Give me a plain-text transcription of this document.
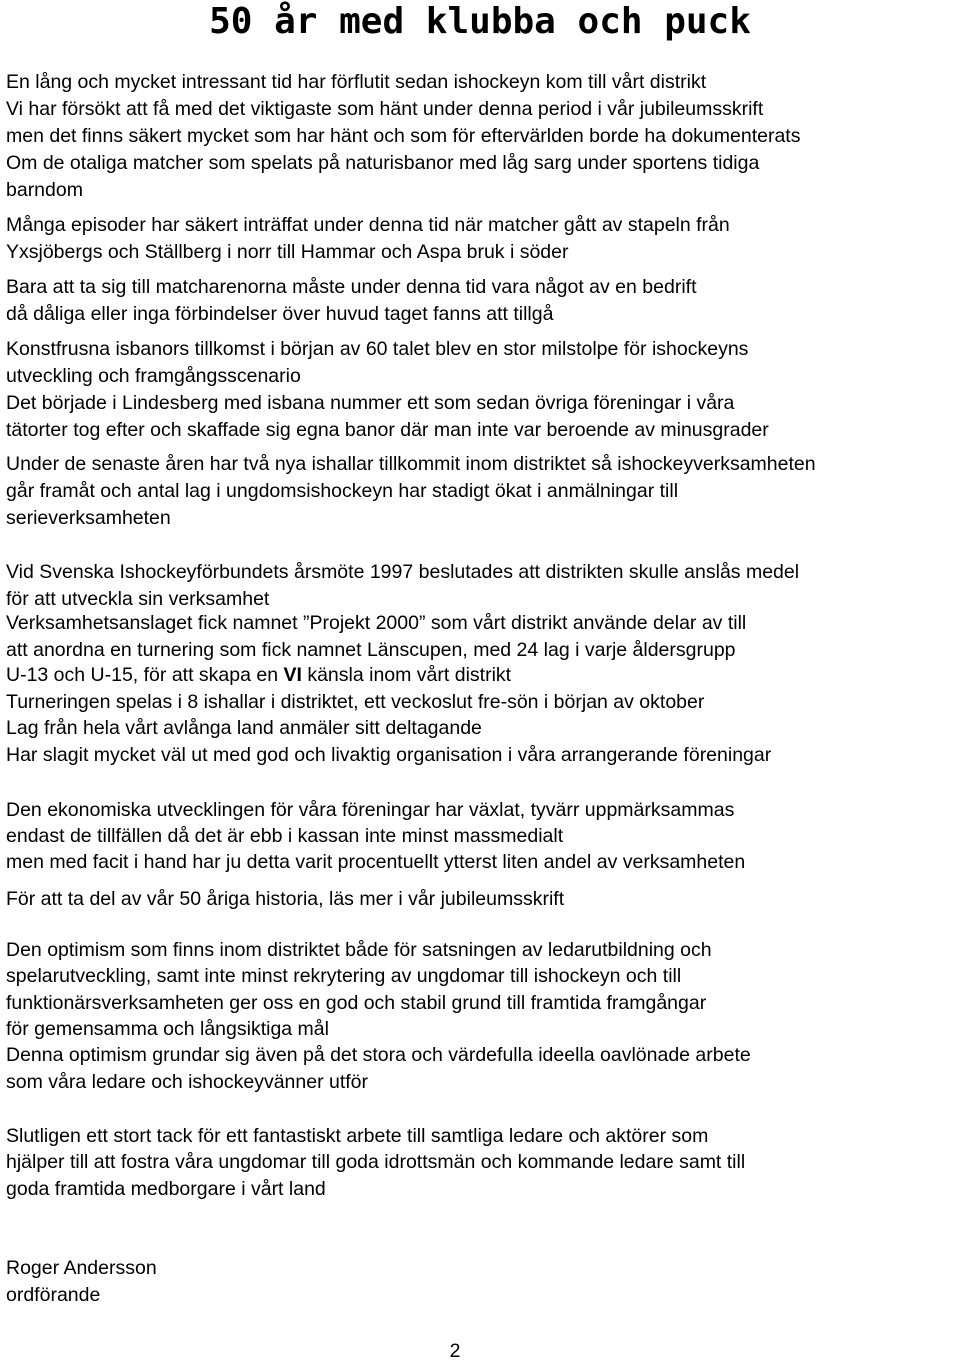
50 år med klubba och puck
En lång och mycket intressant tid har förflutit sedan ishockeyn kom till vårt distrikt
Vi har försökt att få med det viktigaste som hänt under denna period i vår jubileumsskrift
men det finns säkert mycket som har hänt och som för eftervärlden borde ha dokumenterats
Om de otaliga matcher som spelats på naturisbanor med låg sarg under sportens tidiga
barndom
Många episoder har säkert inträffat under denna tid när matcher gått av stapeln från
Yxsjöbergs och Ställberg i norr till Hammar och Aspa bruk i söder
Bara att ta sig till matcharenorna måste under denna tid vara något av en bedrift
då dåliga eller inga förbindelser över huvud taget fanns att tillgå
Konstfrusna isbanors tillkomst i början av 60 talet blev en stor milstolpe för ishockeyns
utveckling och framgångsscenario
Det började i Lindesberg med isbana nummer ett som sedan övriga föreningar i våra
tätorter tog efter och skaffade sig egna banor där man inte var beroende av minusgrader
Under de senaste åren har två nya ishallar tillkommit inom distriktet så ishockeyverksamheten
går framåt och antal lag i ungdomsishockeyn har stadigt ökat i anmälningar till
serieverksamheten
Vid Svenska Ishockeyförbundets årsmöte 1997 beslutades att distrikten skulle anslås medel
för att utveckla sin verksamhet
Verksamhetsanslaget fick namnet ”Projekt 2000” som vårt distrikt använde delar av till
att anordna en turnering som fick namnet Länscupen, med 24 lag i varje åldersgrupp
U-13 och U-15, för att skapa en VI känsla inom vårt distrikt
Turneringen spelas i 8 ishallar i distriktet, ett veckoslut fre-sön i början av oktober
Lag från hela vårt avlånga land anmäler sitt deltagande
Har slagit mycket väl ut med god och livaktig organisation i våra arrangerande föreningar
Den ekonomiska utvecklingen för våra föreningar har växlat, tyvärr uppmärksammas
endast de tillfällen då det är ebb i kassan inte minst massmedialt
men med facit i hand har ju detta varit procentuellt ytterst liten andel av verksamheten
För att ta del av vår 50 åriga historia, läs mer i vår jubileumsskrift
Den optimism som finns inom distriktet både för satsningen av ledarutbildning och
spelarutveckling, samt inte minst rekrytering av ungdomar till ishockeyn och till
funktionärsverksamheten ger oss en god och stabil grund till framtida framgångar
för gemensamma och långsiktiga mål
Denna optimism grundar sig även på det stora och värdefulla ideella oavlönade arbete
som våra ledare och ishockeyvänner utför
Slutligen ett stort tack för ett fantastiskt arbete till samtliga ledare och aktörer som
hjälper till att fostra våra ungdomar till goda idrottsmän och kommande ledare samt till
goda framtida medborgare i vårt land
Roger Andersson
ordförande
2
